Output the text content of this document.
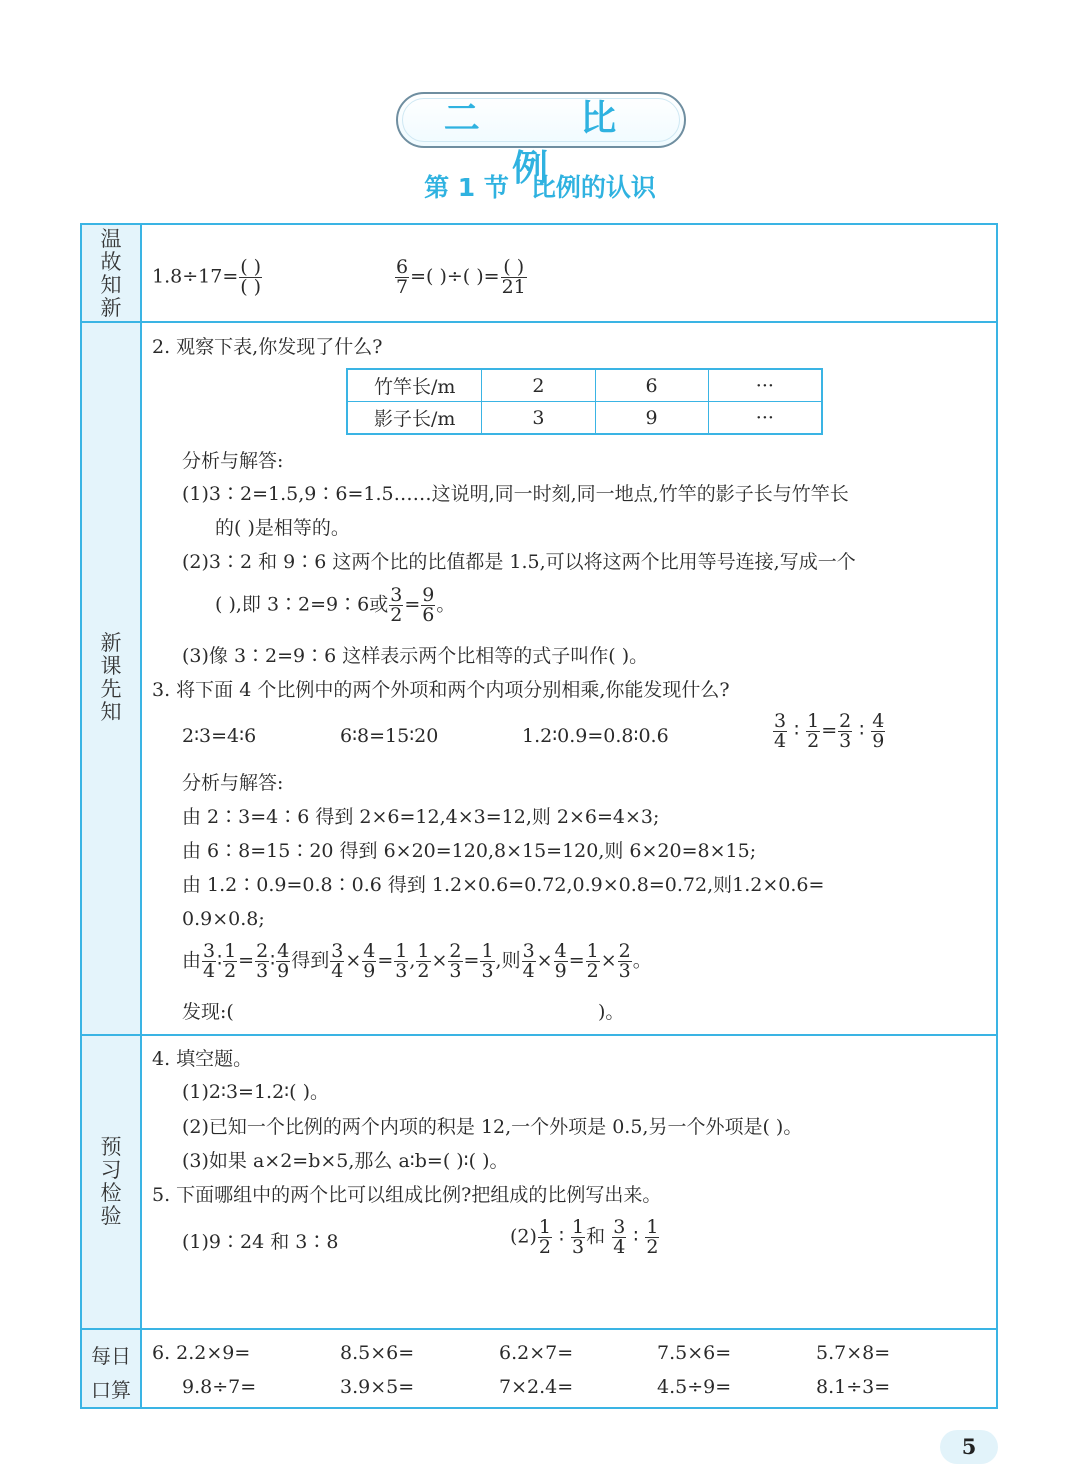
二 比 例
第 1 节 比例的认识
温
故
知
新
新
课
先
知
预
习
检
验
每日
口算
$1.8\div 17= \frac{( )}{( )}$	$\frac{6}{7}$ =( )÷( )= $\frac{( )}{21}$
2. 观察下表,你发现了什么?
竹竿长/m	2	6	···
影子长/m	3	9	···
分析与解答:
(1)3∶2=1.5,9∶6=1.5……这说明,同一时刻,同一地点,竹竿的影子长与竹竿长
的( )是相等的。
(2)3∶2 和 9∶6 这两个比的比值都是 1.5,可以将这两个比用等号连接,写成一个
( ),即 3∶2=9∶6或 $\frac{3}{2} = \frac{9}{6}$ 。
(3)像 3∶2=9∶6 这样表示两个比相等的式子叫作( )。
3. 将下面 4 个比例中的两个外项和两个内项分别相乘,你能发现什么?
2∶3=4∶6	6∶8=15∶20	1.2∶0.9=0.8∶0.6	$\frac{3}{4}$ ∶ $\frac{1}{2} = \frac{2}{3}$ ∶ $\frac{4}{9}$
分析与解答:
由 2∶3=4∶6 得到 2×6=12,4×3=12,则 2×6=4×3;
由 6∶8=15∶20 得到 6×20=120,8×15=120,则 6×20=8×15;
由 1.2∶0.9=0.8∶0.6 得到 1.2×0.6=0.72,0.9×0.8=0.72,则1.2×0.6=
0.9×0.8;
由 $\frac{3}{4}$ ∶ $\frac{1}{2} = \frac{2}{3}$ ∶ $\frac{4}{9}$ 得到 $\frac{3}{4} \times \frac{4}{9} = \frac{1}{3}$ , $\frac{1}{2} \times \frac{2}{3} = \frac{1}{3}$ ,则 $\frac{3}{4} \times \frac{4}{9} = \frac{1}{2} \times \frac{2}{3}$ 。
发现:(	)。
4. 填空题。
(1)2∶3=1.2∶( )。
(2)已知一个比例的两个内项的积是 12,一个外项是 0.5,另一个外项是( )。
(3)如果 a×2=b×5,那么 a∶b=( )∶( )。
5. 下面哪组中的两个比可以组成比例?把组成的比例写出来。
(1)9∶24 和 3∶8	$(2) \frac{1}{2}$ ∶ $\frac{1}{3}$ 和 $\frac{3}{4}$ ∶ $\frac{1}{2}$
6. 2.2×9=	8.5×6=	6.2×7=	7.5×6=	5.7×8=
9.8÷7=	3.9×5=	7×2.4=	4.5÷9=	8.1÷3=
5
